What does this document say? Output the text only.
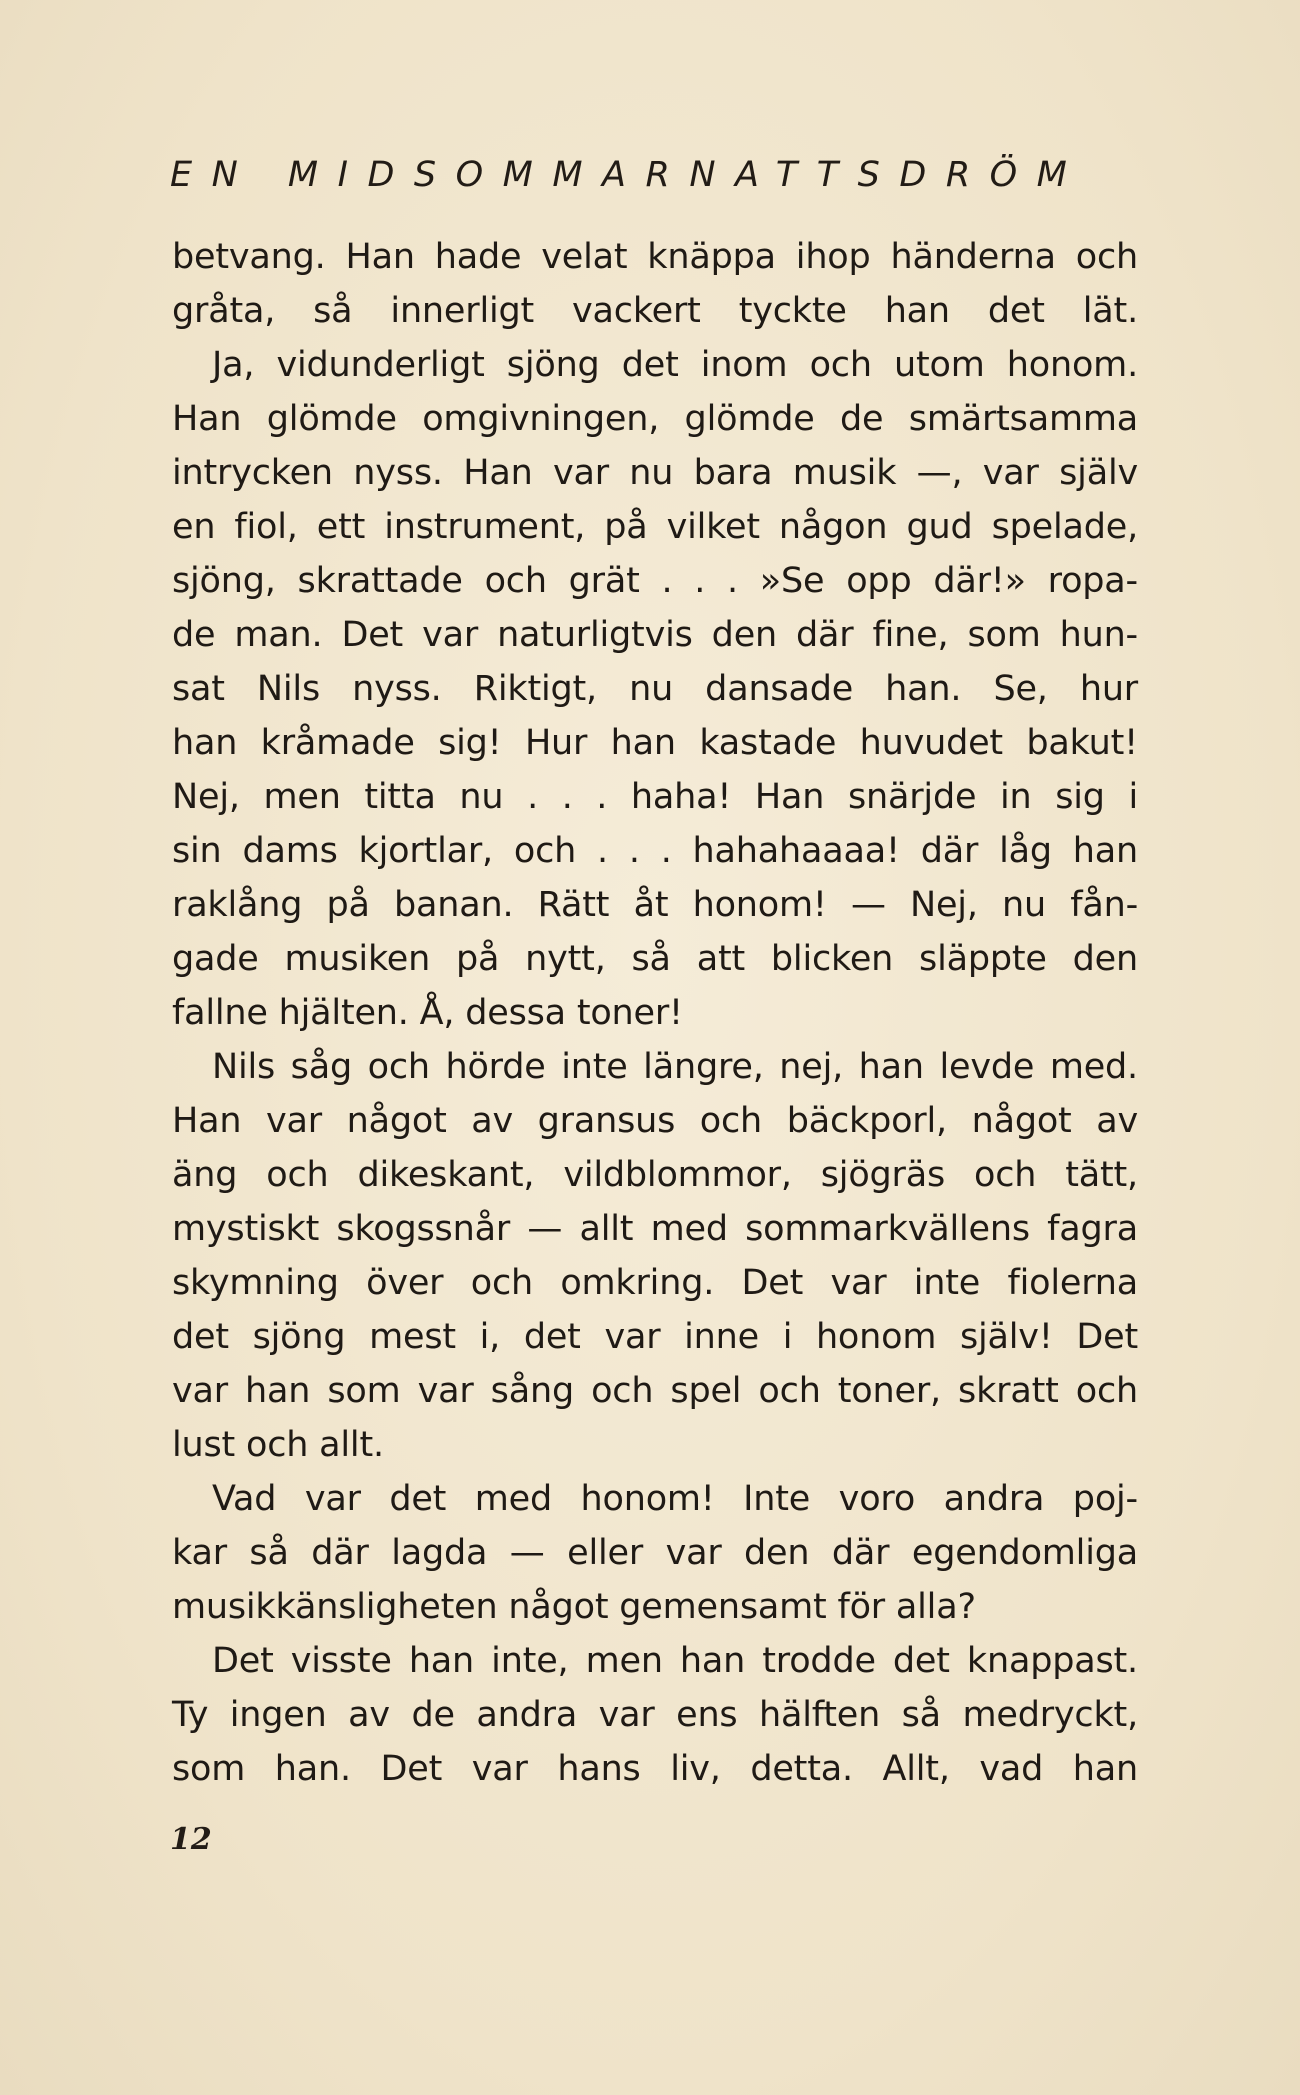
EN MIDSOMMARNATTSDRÖM
betvang. Han hade velat knäppa ihop händerna och
gråta, så innerligt vackert tyckte han det lät.
Ja, vidunderligt sjöng det inom och utom honom.
Han glömde omgivningen, glömde de smärtsamma
intrycken nyss. Han var nu bara musik —, var själv
en fiol, ett instrument, på vilket någon gud spelade,
sjöng, skrattade och grät . . . »Se opp där!» ropa-
de man. Det var naturligtvis den där fine, som hun-
sat Nils nyss. Riktigt, nu dansade han. Se, hur
han kråmade sig! Hur han kastade huvudet bakut!
Nej, men titta nu . . . haha! Han snärjde in sig i
sin dams kjortlar, och . . . hahahaaaa! där låg han
raklång på banan. Rätt åt honom! — Nej, nu fån-
gade musiken på nytt, så att blicken släppte den
fallne hjälten. Å, dessa toner!
Nils såg och hörde inte längre, nej, han levde med.
Han var något av gransus och bäckporl, något av
äng och dikeskant, vildblommor, sjögräs och tätt,
mystiskt skogssnår — allt med sommarkvällens fagra
skymning över och omkring. Det var inte fiolerna
det sjöng mest i, det var inne i honom själv! Det
var han som var sång och spel och toner, skratt och
lust och allt.
Vad var det med honom! Inte voro andra poj-
kar så där lagda — eller var den där egendomliga
musikkänsligheten något gemensamt för alla?
Det visste han inte, men han trodde det knappast.
Ty ingen av de andra var ens hälften så medryckt,
som han. Det var hans liv, detta. Allt, vad han
12
